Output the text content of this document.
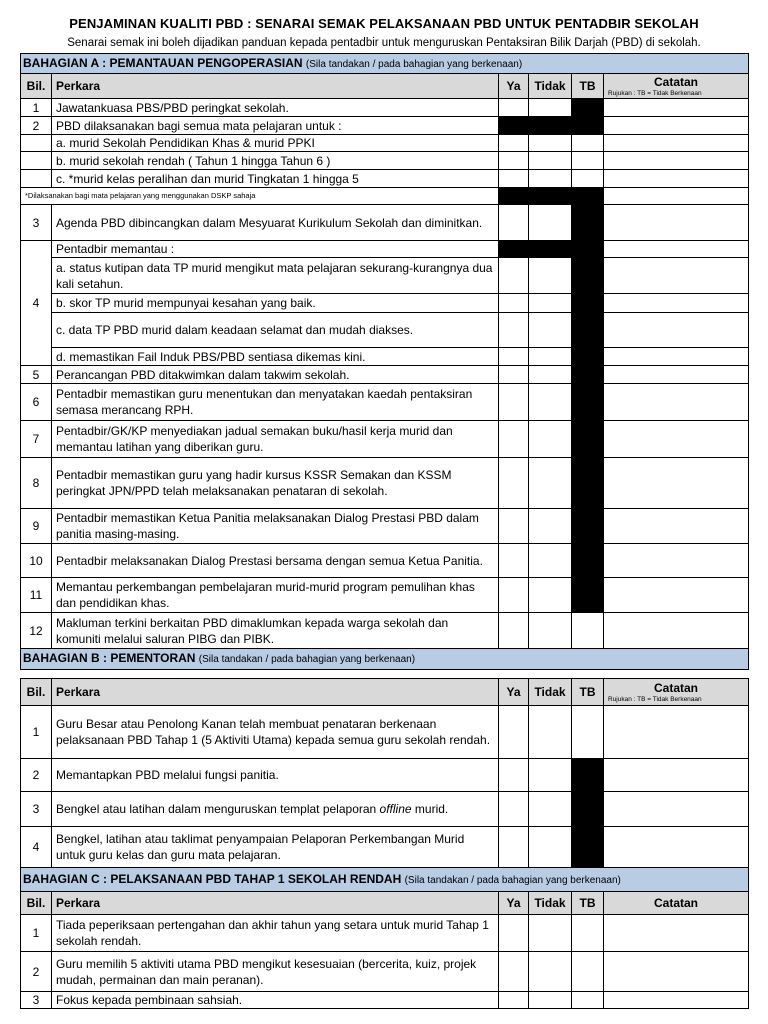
PENJAMINAN KUALITI PBD : SENARAI SEMAK PELAKSANAAN PBD UNTUK PENTADBIR SEKOLAH
Senarai semak ini boleh dijadikan panduan kepada pentadbir untuk menguruskan Pentaksiran Bilik Darjah (PBD) di sekolah.
BAHAGIAN A : PEMANTAUAN PENGOPERASIAN (Sila tandakan / pada bahagian yang berkenaan)					
Bil.	Perkara	Ya	Tidak	TB	Catatan
Rujukan : TB = Tidak Berkenaan

1	Jawatankuasa PBS/PBD peringkat sekolah.				
2	PBD dilaksanakan bagi semua mata pelajaran untuk :				
	a. murid Sekolah Pendidikan Khas & murid PPKI				
	b. murid sekolah rendah ( Tahun 1 hingga Tahun 6 )				
	c. *murid kelas peralihan dan murid Tingkatan 1 hingga 5				
*Dilaksanakan bagi mata pelajaran yang menggunakan DSKP sahaja					
3	Agenda PBD dibincangkan dalam Mesyuarat Kurikulum Sekolah dan diminitkan.				
4	Pentadbir memantau :				
	a. status kutipan data TP murid mengikut mata pelajaran sekurang-kurangnya dua kali setahun.				
	b. skor TP murid mempunyai kesahan yang baik.				
	c. data TP PBD murid dalam keadaan selamat dan mudah diakses.				
	d. memastikan Fail Induk PBS/PBD sentiasa dikemas kini.				
5	Perancangan PBD ditakwimkan dalam takwim sekolah.				
6	Pentadbir memastikan guru menentukan dan menyatakan kaedah pentaksiran semasa merancang RPH.				
7	Pentadbir/GK/KP menyediakan jadual semakan buku/hasil kerja murid dan memantau latihan yang diberikan guru.				
8	Pentadbir memastikan guru yang hadir kursus KSSR Semakan dan KSSM peringkat JPN/PPD telah melaksanakan penataran di sekolah.				
9	Pentadbir memastikan Ketua Panitia melaksanakan Dialog Prestasi PBD dalam panitia masing-masing.				
10	Pentadbir melaksanakan Dialog Prestasi bersama dengan semua Ketua Panitia.				
11	Memantau perkembangan pembelajaran murid-murid program pemulihan khas dan pendidikan khas.				
12	Makluman terkini berkaitan PBD dimaklumkan kepada warga sekolah dan komuniti melalui saluran PIBG dan PIBK.				
BAHAGIAN B : PEMENTORAN (Sila tandakan / pada bahagian yang berkenaan)					

Bil.	Perkara	Ya	Tidak	TB	Catatan
Rujukan : TB = Tidak Berkenaan

1	Guru Besar atau Penolong Kanan telah membuat penataran berkenaan pelaksanaan PBD Tahap 1 (5 Aktiviti Utama) kepada semua guru sekolah rendah.				
2	Memantapkan PBD melalui fungsi panitia.				
3	Bengkel atau latihan dalam menguruskan templat pelaporan offline murid.				
4	Bengkel, latihan atau taklimat penyampaian Pelaporan Perkembangan Murid untuk guru kelas dan guru mata pelajaran.				
BAHAGIAN C : PELAKSANAAN PBD TAHAP 1 SEKOLAH RENDAH (Sila tandakan / pada bahagian yang berkenaan)					
Bil.	Perkara	Ya	Tidak	TB	Catatan
1	Tiada peperiksaan pertengahan dan akhir tahun yang setara untuk murid Tahap 1 sekolah rendah.				
2	Guru memilih 5 aktiviti utama PBD mengikut kesesuaian (bercerita, kuiz, projek mudah, permainan dan main peranan).				
3	Fokus kepada pembinaan sahsiah.				
